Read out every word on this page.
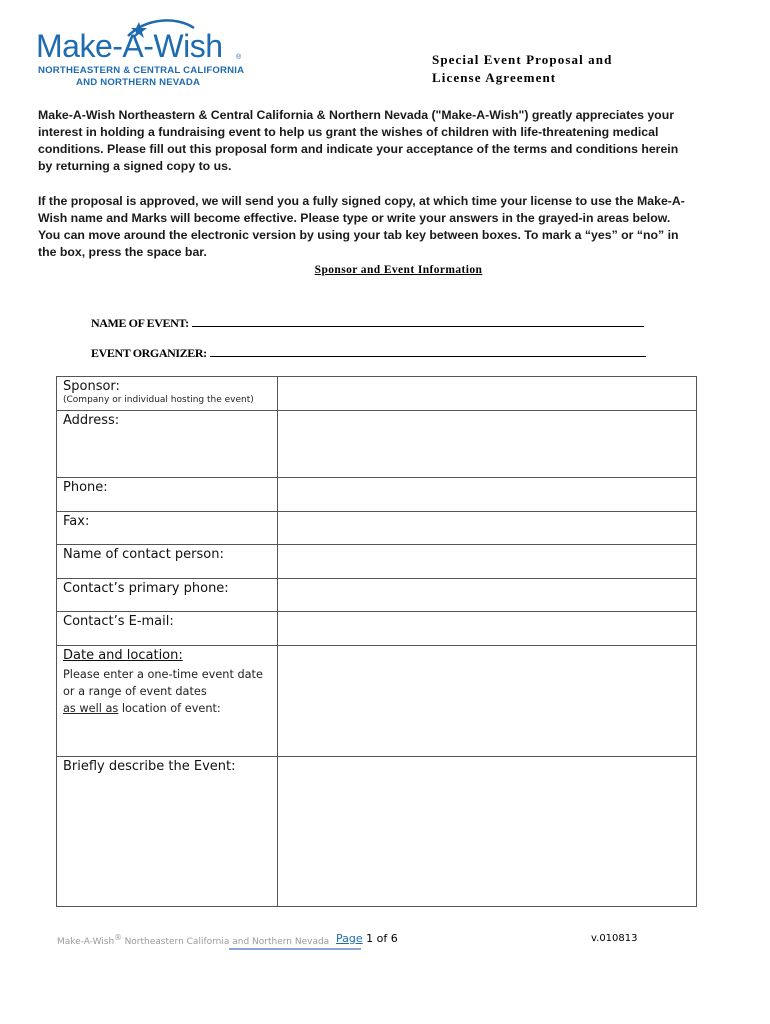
Make-A-Wish ®
NORTHEASTERN & CENTRAL CALIFORNIA
AND NORTHERN NEVADA
Special Event Proposal and
License Agreement
Make-A-Wish Northeastern & Central California & Northern Nevada ("Make-A-Wish") greatly appreciates your interest in holding a fundraising event to help us grant the wishes of children with life-threatening medical conditions. Please fill out this proposal form and indicate your acceptance of the terms and conditions herein by returning a signed copy to us.
If the proposal is approved, we will send you a fully signed copy, at which time your license to use the Make-A-Wish name and Marks will become effective. Please type or write your answers in the grayed-in areas below. You can move around the electronic version by using your tab key between boxes. To mark a “yes” or “no” in the box, press the space bar.
Sponsor and Event Information
NAME OF EVENT:
EVENT ORGANIZER:
Sponsor:
(Company or individual hosting the event)	

Address:	
Phone:	
Fax:	
Name of contact person:	
Contact’s primary phone:	
Contact’s E-mail:	
Date and location:
Please enter a one-time event date or a range of event dates
as well as location of event:	

Briefly describe the Event:	
Make-A-Wish® Northeastern California and Northern Nevada Page 1 of 6	v.010813
